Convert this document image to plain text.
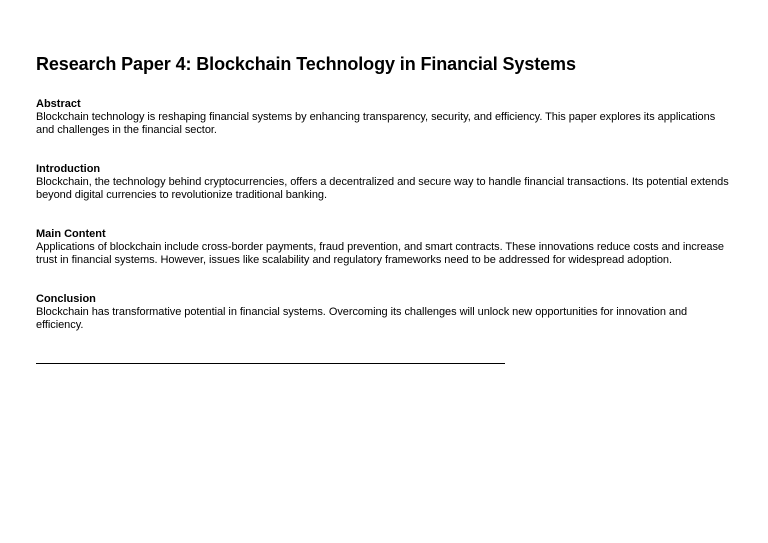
Research Paper 4: Blockchain Technology in Financial Systems

Abstract

Blockchain technology is reshaping financial systems by enhancing transparency, security, and efficiency. This paper explores its applications and challenges in the financial sector.

Introduction

Blockchain, the technology behind cryptocurrencies, offers a decentralized and secure way to handle financial transactions. Its potential extends beyond digital currencies to revolutionize traditional banking.

Main Content

Applications of blockchain include cross-border payments, fraud prevention, and smart contracts. These innovations reduce costs and increase trust in financial systems. However, issues like scalability and regulatory frameworks need to be addressed for widespread adoption.

Conclusion

Blockchain has transformative potential in financial systems. Overcoming its challenges will unlock new opportunities for innovation and efficiency.
